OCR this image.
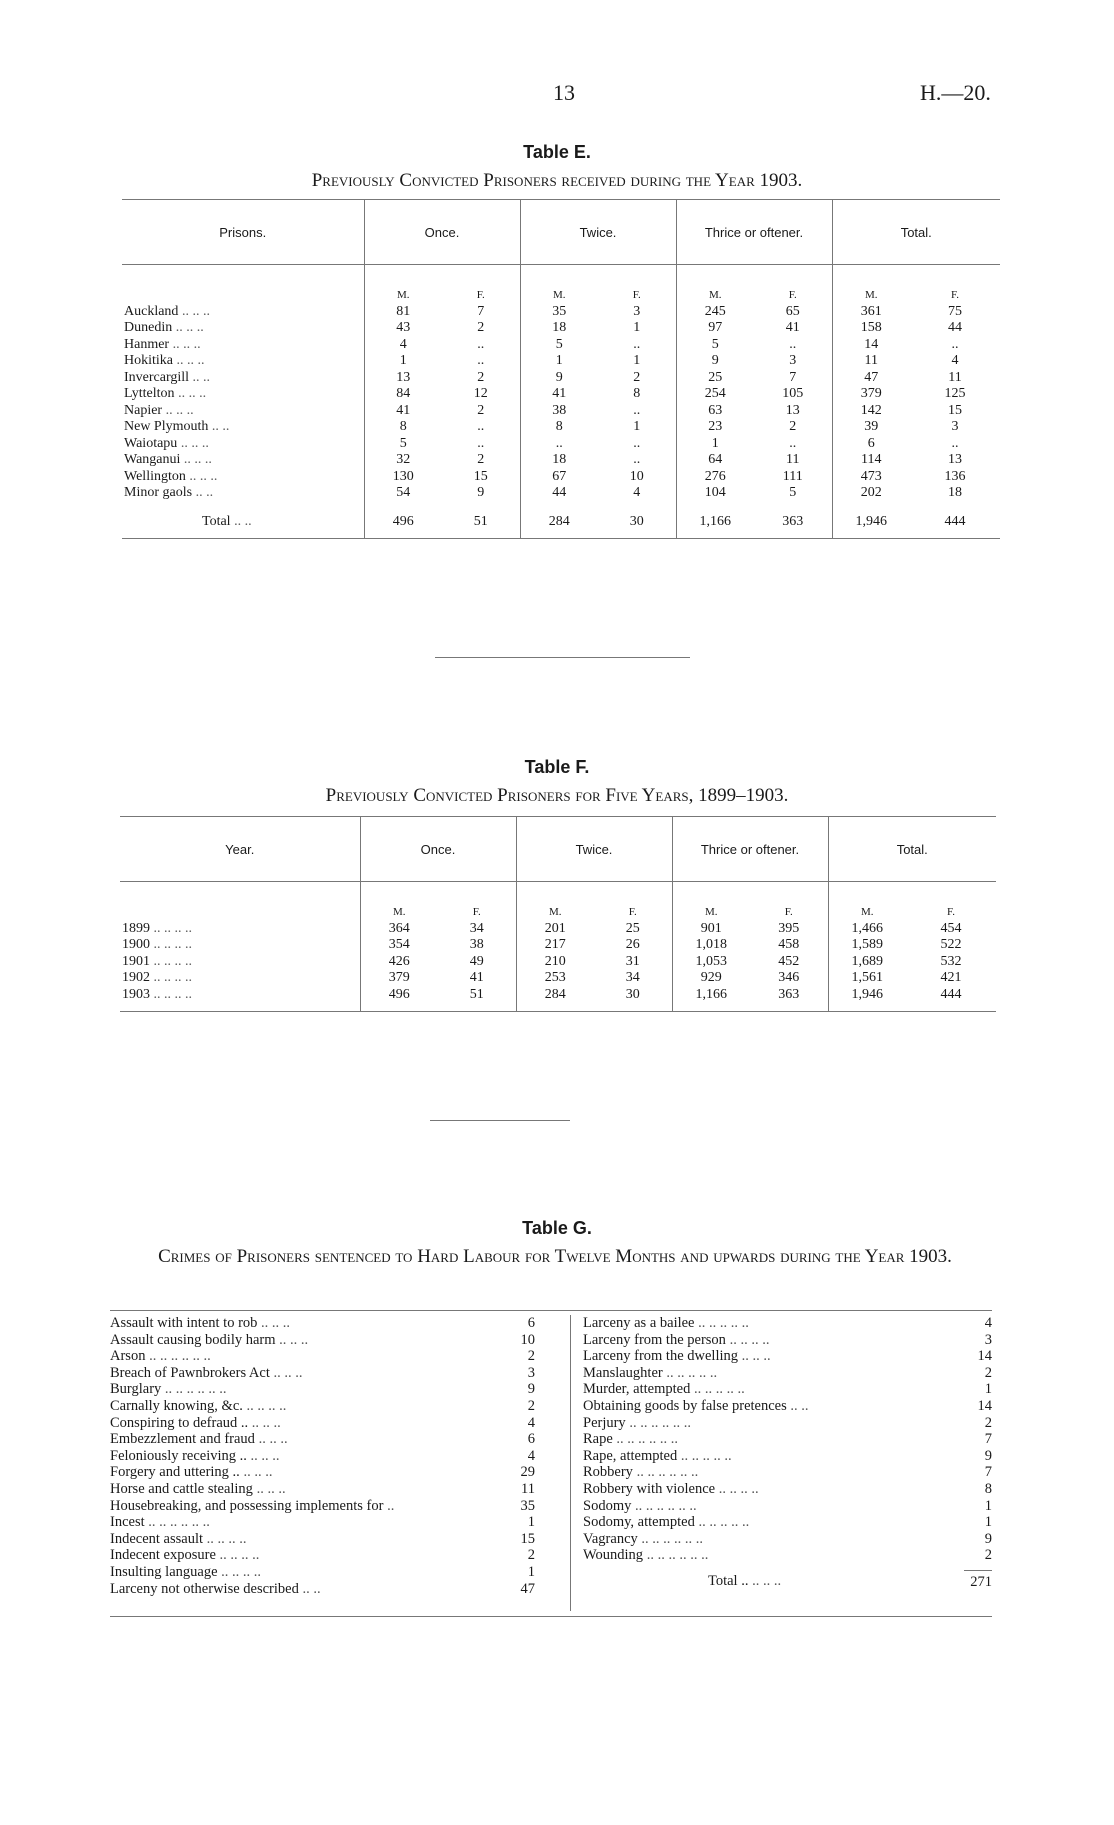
13	H.—20.
Table E.
Previously Convicted Prisoners received during the Year 1903.
Prisons.	Once.		Twice.		Thrice or oftener.		Total.	
	M.	F.	M.	F.	M.	F.	M.	F.
Auckland .. .. ..	81	7	35	3	245	65	361	75
Dunedin .. .. ..	43	2	18	1	97	41	158	44
Hanmer .. .. ..	4	..	5	..	5	..	14	..
Hokitika .. .. ..	1	..	1	1	9	3	11	4
Invercargill .. ..	13	2	9	2	25	7	47	11
Lyttelton .. .. ..	84	12	41	8	254	105	379	125
Napier .. .. ..	41	2	38	..	63	13	142	15
New Plymouth .. ..	8	..	8	1	23	2	39	3
Waiotapu .. .. ..	5	..	..	..	1	..	6	..
Wanganui .. .. ..	32	2	18	..	64	11	114	13
Wellington .. .. ..	130	15	67	10	276	111	473	136
Minor gaols .. ..	54	9	44	4	104	5	202	18
Total .. ..	496	51	284	30	1,166	363	1,946	444
Table F.
Previously Convicted Prisoners for Five Years, 1899–1903.
Year.	Once.		Twice.		Thrice or oftener.		Total.	
	M.	F.	M.	F.	M.	F.	M.	F.
1899 .. .. .. ..	364	34	201	25	901	395	1,466	454
1900 .. .. .. ..	354	38	217	26	1,018	458	1,589	522
1901 .. .. .. ..	426	49	210	31	1,053	452	1,689	532
1902 .. .. .. ..	379	41	253	34	929	346	1,561	421
1903 .. .. .. ..	496	51	284	30	1,166	363	1,946	444
Table G.
Crimes of Prisoners sentenced to Hard Labour for Twelve Months and upwards during the Year 1903.
Assault with intent to rob .. .. ..	6
Assault causing bodily harm .. .. ..	10
Arson .. .. .. .. .. ..	2
Breach of Pawnbrokers Act .. .. ..	3
Burglary .. .. .. .. .. ..	9
Carnally knowing, &c. .. .. .. ..	2
Conspiring to defraud .. .. .. ..	4
Embezzlement and fraud .. .. ..	6
Feloniously receiving .. .. .. ..	4
Forgery and uttering .. .. .. ..	29
Horse and cattle stealing .. .. ..	11
Housebreaking, and possessing implements for ..	35
Incest .. .. .. .. .. ..	1
Indecent assault .. .. .. ..	15
Indecent exposure .. .. .. ..	2
Insulting language .. .. .. ..	1
Larceny not otherwise described .. ..	47
Larceny as a bailee .. .. .. .. ..	4
Larceny from the person .. .. .. ..	3
Larceny from the dwelling .. .. ..	14
Manslaughter .. .. .. .. ..	2
Murder, attempted .. .. .. .. ..	1
Obtaining goods by false pretences .. ..	14
Perjury .. .. .. .. .. ..	2
Rape .. .. .. .. .. ..	7
Rape, attempted .. .. .. .. ..	9
Robbery .. .. .. .. .. ..	7
Robbery with violence .. .. .. ..	8
Sodomy .. .. .. .. .. ..	1
Sodomy, attempted .. .. .. .. ..	1
Vagrancy .. .. .. .. .. ..	9
Wounding .. .. .. .. .. ..	2
Total .. .. .. ..	271
